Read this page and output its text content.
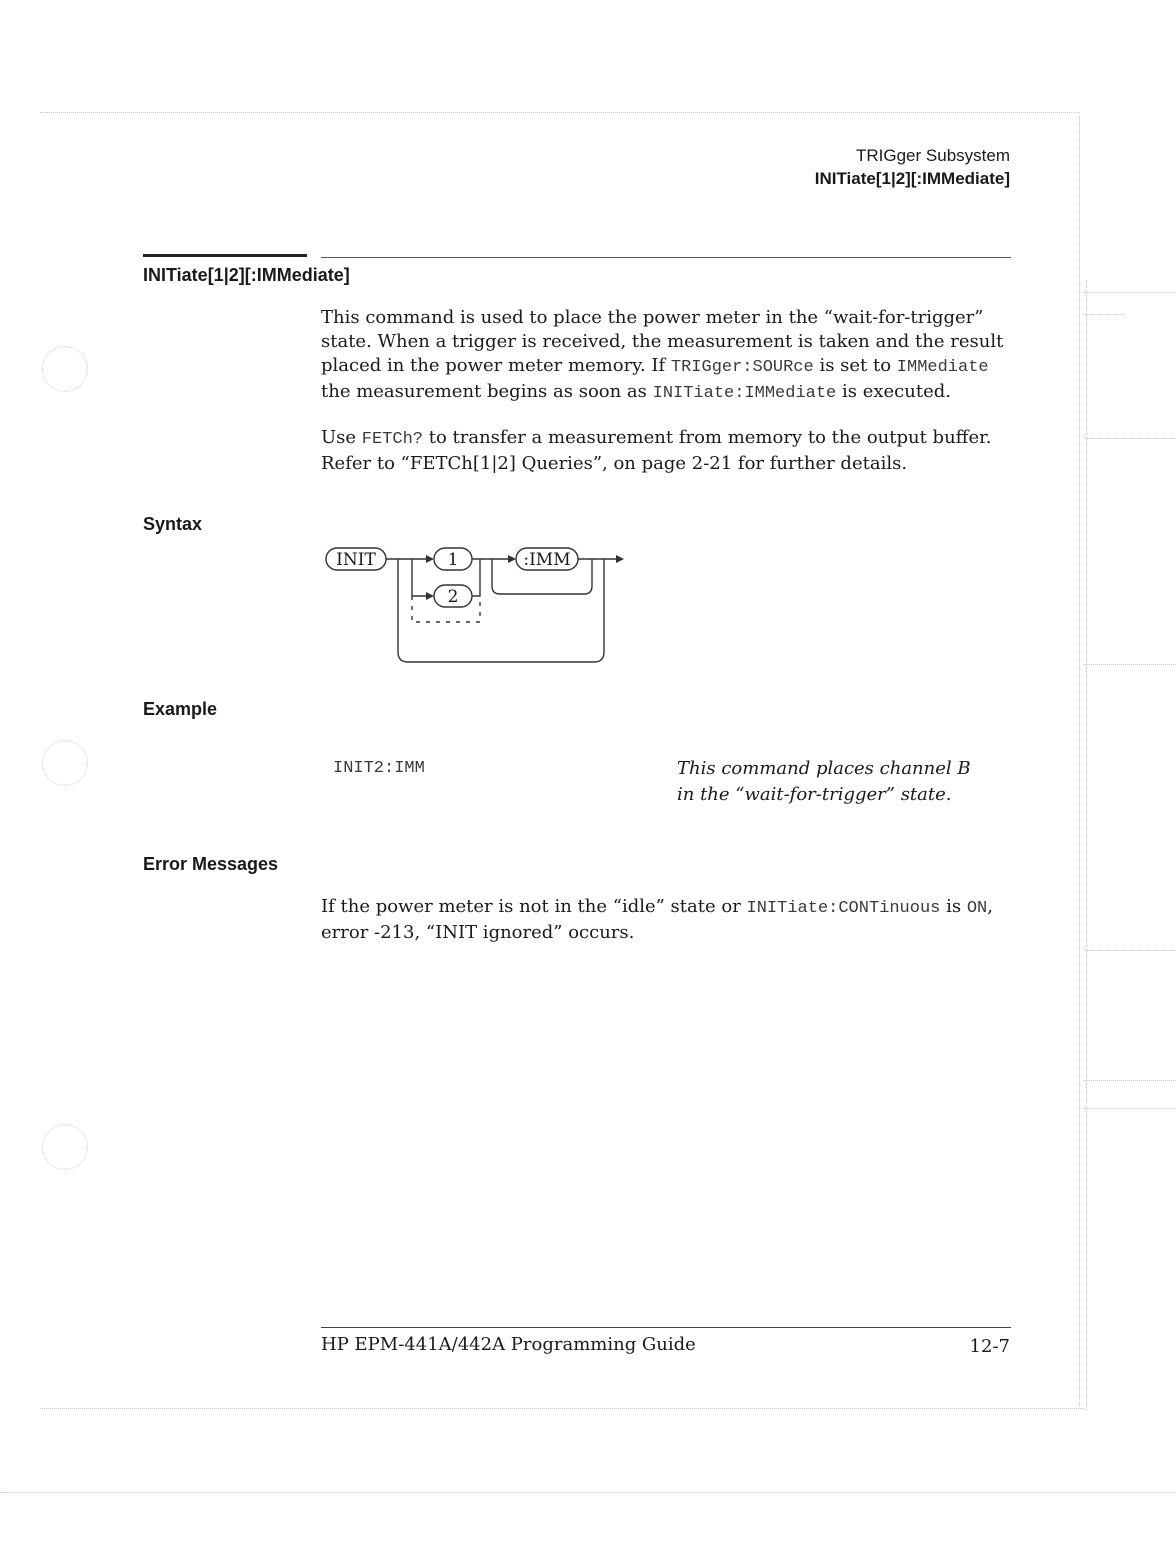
TRIGger Subsystem
INITiate[1|2][:IMMediate]
INITiate[1|2][:IMMediate]

This command is used to place the power meter in the “wait-for-trigger” state. When a trigger is received, the measurement is taken and the result placed in the power meter memory. If TRIGger:SOURce is set to IMMediate the measurement begins as soon as INITiate:IMMediate is executed.

Use FETCh? to transfer a measurement from memory to the output buffer. Refer to “FETCh[1|2] Queries”, on page 2-21 for further details.

Syntax
INIT	1
2
:IMM
Example
INIT2:IMM	This command places channel B
in the “wait-for-trigger” state.
Error Messages

If the power meter is not in the “idle” state or INITiate:CONTinuous is ON, error -213, “INIT ignored” occurs.

HP EPM-441A/442A Programming Guide	12-7
